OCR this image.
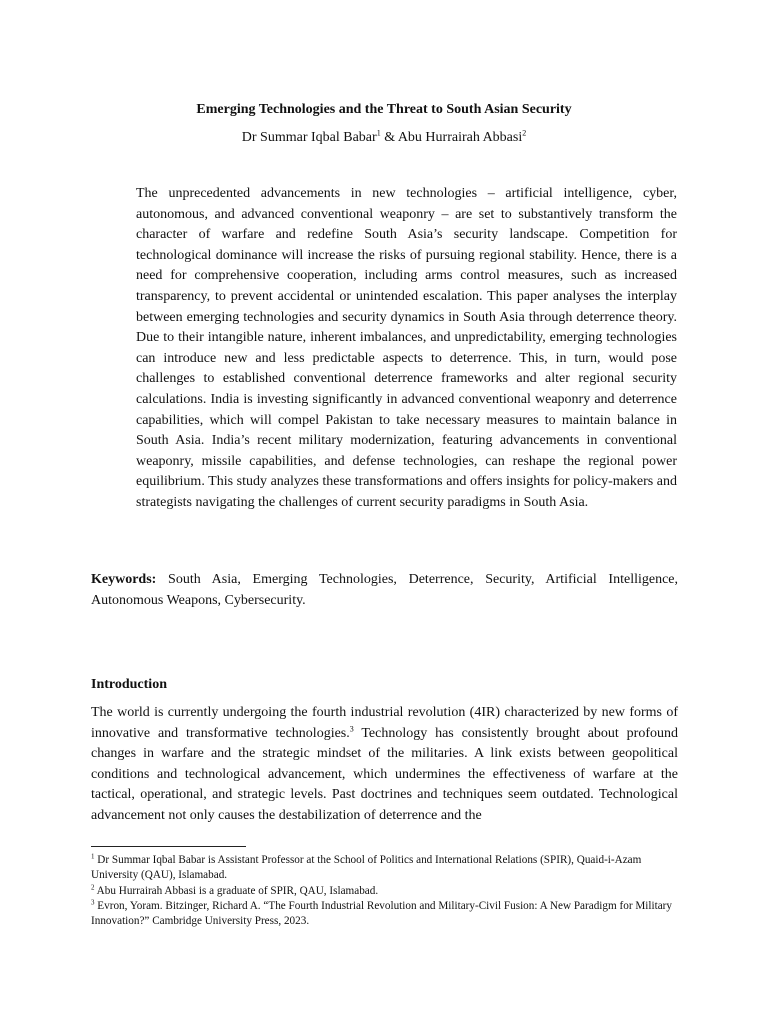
Emerging Technologies and the Threat to South Asian Security
Dr Summar Iqbal Babar$^1$ & Abu Hurrairah Abbasi$^2$

The unprecedented advancements in new technologies – artificial intelligence, cyber, autonomous, and advanced conventional weaponry – are set to substantively transform the character of warfare and redefine South Asia’s security landscape. Competition for technological dominance will increase the risks of pursuing regional stability. Hence, there is a need for comprehensive cooperation, including arms control measures, such as increased transparency, to prevent accidental or unintended escalation. This paper analyses the interplay between emerging technologies and security dynamics in South Asia through deterrence theory. Due to their intangible nature, inherent imbalances, and unpredictability, emerging technologies can introduce new and less predictable aspects to deterrence. This, in turn, would pose challenges to established conventional deterrence frameworks and alter regional security calculations. India is investing significantly in advanced conventional weaponry and deterrence capabilities, which will compel Pakistan to take necessary measures to maintain balance in South Asia. India’s recent military modernization, featuring advancements in conventional weaponry, missile capabilities, and defense technologies, can reshape the regional power equilibrium. This study analyzes these transformations and offers insights for policy-makers and strategists navigating the challenges of current security paradigms in South Asia.

Keywords: South Asia, Emerging Technologies, Deterrence, Security, Artificial Intelligence, Autonomous Weapons, Cybersecurity.

Introduction

The world is currently undergoing the fourth industrial revolution (4IR) characterized by new forms of innovative and transformative technologies.$^3$ Technology has consistently brought about profound changes in warfare and the strategic mindset of the militaries. A link exists between geopolitical conditions and technological advancement, which undermines the effectiveness of warfare at the tactical, operational, and strategic levels. Past doctrines and techniques seem outdated. Technological advancement not only causes the destabilization of deterrence and the

$^1$ Dr Summar Iqbal Babar is Assistant Professor at the School of Politics and International Relations (SPIR), Quaid-i-Azam University (QAU), Islamabad.
$^2$ Abu Hurrairah Abbasi is a graduate of SPIR, QAU, Islamabad.
$^3$ Evron, Yoram. Bitzinger, Richard A. “The Fourth Industrial Revolution and Military-Civil Fusion: A New Paradigm for Military Innovation?” Cambridge University Press, 2023.
